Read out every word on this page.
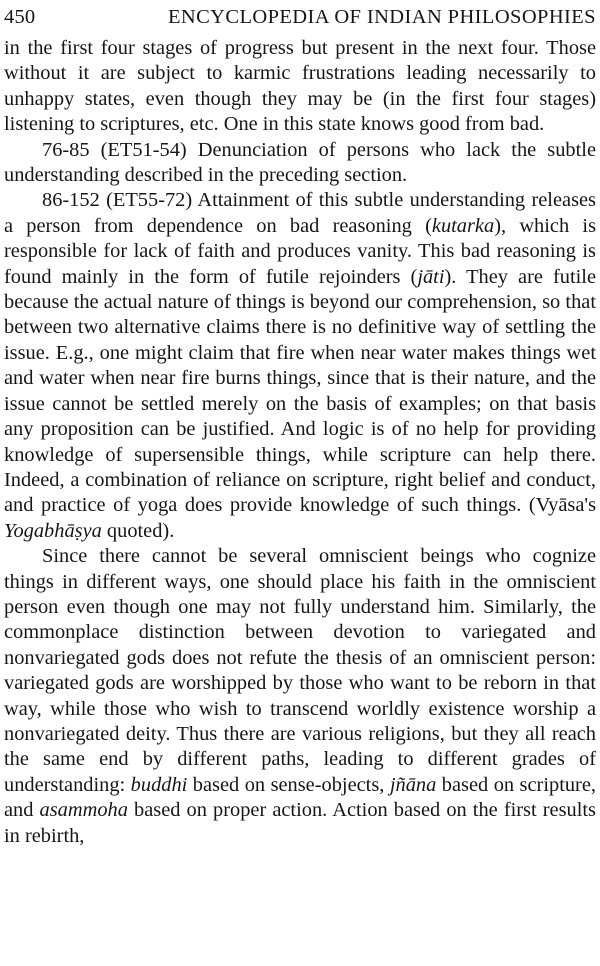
450	ENCYCLOPEDIA OF INDIAN PHILOSOPHIES

in the first four stages of progress but present in the next four. Those without it are subject to karmic frustrations leading necessarily to unhappy states, even though they may be (in the first four stages) listening to scriptures, etc. One in this state knows good from bad.

76-85 (ET51-54) Denunciation of persons who lack the subtle understanding described in the preceding section.

86-152 (ET55-72) Attainment of this subtle understanding releases a person from dependence on bad reasoning (kutarka), which is responsible for lack of faith and produces vanity. This bad reasoning is found mainly in the form of futile rejoinders (jāti). They are futile because the actual nature of things is beyond our comprehension, so that between two alternative claims there is no definitive way of settling the issue. E.g., one might claim that fire when near water makes things wet and water when near fire burns things, since that is their nature, and the issue cannot be settled merely on the basis of examples; on that basis any proposition can be justified. And logic is of no help for providing knowledge of supersensible things, while scripture can help there. Indeed, a combination of reliance on scripture, right belief and conduct, and practice of yoga does provide knowledge of such things. (Vyāsa's Yogabhāṣya quoted).

Since there cannot be several omniscient beings who cognize things in different ways, one should place his faith in the omniscient person even though one may not fully understand him. Similarly, the commonplace distinction between devotion to variegated and nonvariegated gods does not refute the thesis of an omniscient person: variegated gods are worshipped by those who want to be reborn in that way, while those who wish to transcend worldly existence worship a nonvariegated deity. Thus there are various religions, but they all reach the same end by different paths, leading to different grades of understanding: buddhi based on sense-objects, jñāna based on scripture, and asammoha based on proper action. Action based on the first results in rebirth,
